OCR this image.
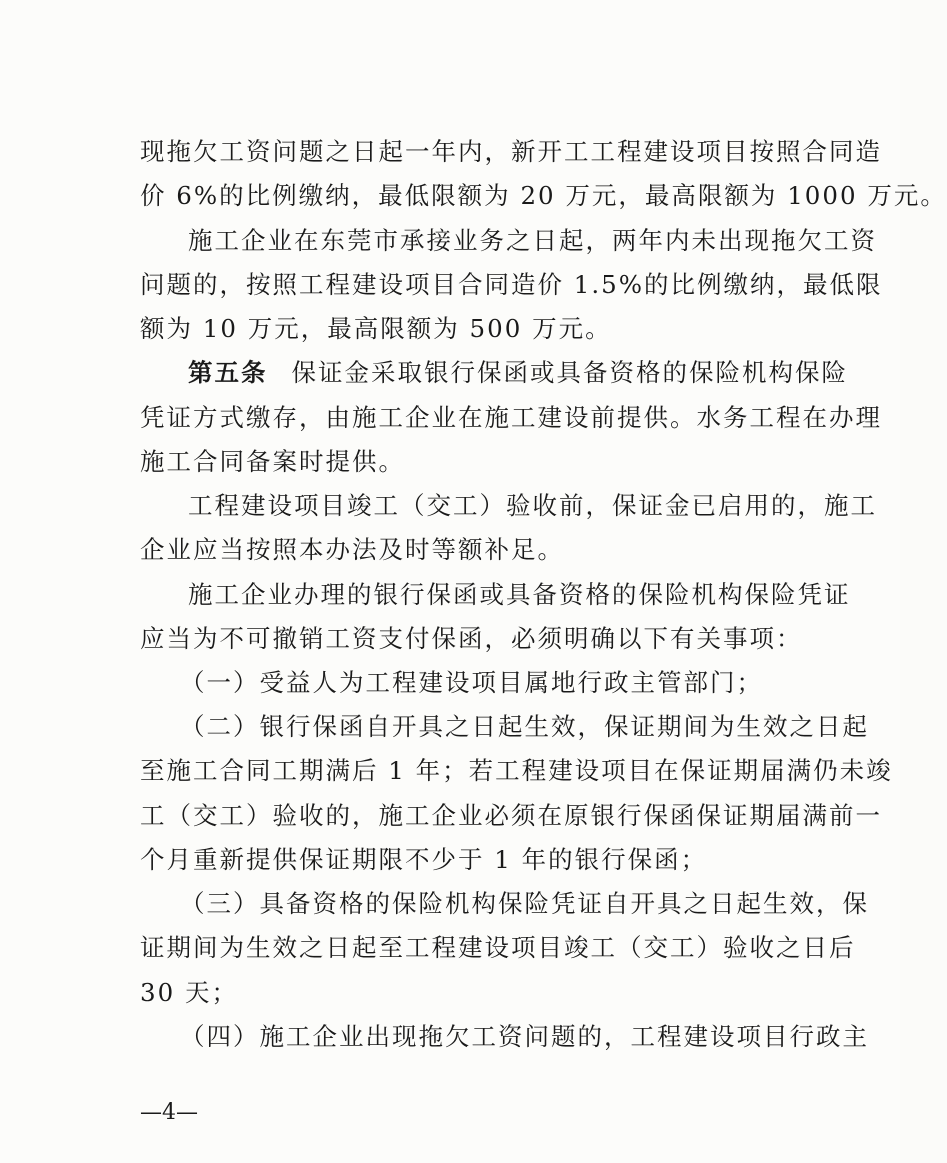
现拖欠工资问题之日起一年内，新开工工程建设项目按照合同造
价 6%的比例缴纳，最低限额为 20 万元，最高限额为 1000 万元。
施工企业在东莞市承接业务之日起，两年内未出现拖欠工资
问题的，按照工程建设项目合同造价 1.5%的比例缴纳，最低限
额为 10 万元，最高限额为 500 万元。
第五条 保证金采取银行保函或具备资格的保险机构保险
凭证方式缴存，由施工企业在施工建设前提供。水务工程在办理
施工合同备案时提供。
工程建设项目竣工（交工）验收前，保证金已启用的，施工
企业应当按照本办法及时等额补足。
施工企业办理的银行保函或具备资格的保险机构保险凭证
应当为不可撤销工资支付保函，必须明确以下有关事项：
（一）受益人为工程建设项目属地行政主管部门；
（二）银行保函自开具之日起生效，保证期间为生效之日起
至施工合同工期满后 1 年；若工程建设项目在保证期届满仍未竣
工（交工）验收的，施工企业必须在原银行保函保证期届满前一
个月重新提供保证期限不少于 1 年的银行保函；
（三）具备资格的保险机构保险凭证自开具之日起生效，保
证期间为生效之日起至工程建设项目竣工（交工）验收之日后
30 天；
（四）施工企业出现拖欠工资问题的，工程建设项目行政主
—4—
